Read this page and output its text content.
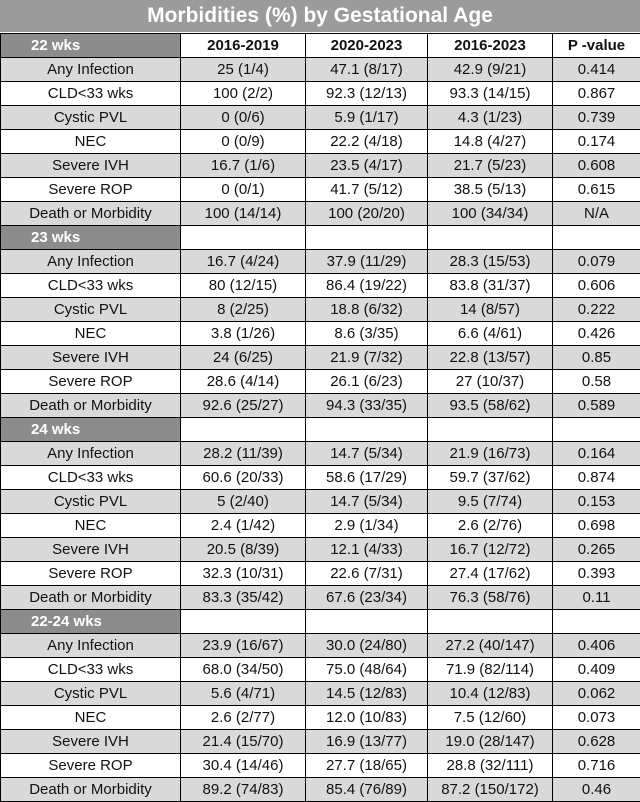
Morbidities (%) by Gestational Age
22 wks	2016-2019	2020-2023	2016-2023	P -value
Any Infection	25 (1/4)	47.1 (8/17)	42.9 (9/21)	0.414
CLD<33 wks	100 (2/2)	92.3 (12/13)	93.3 (14/15)	0.867
Cystic PVL	0 (0/6)	5.9 (1/17)	4.3 (1/23)	0.739
NEC	0 (0/9)	22.2 (4/18)	14.8 (4/27)	0.174
Severe IVH	16.7 (1/6)	23.5 (4/17)	21.7 (5/23)	0.608
Severe ROP	0 (0/1)	41.7 (5/12)	38.5 (5/13)	0.615
Death or Morbidity	100 (14/14)	100 (20/20)	100 (34/34)	N/A
23 wks				
Any Infection	16.7 (4/24)	37.9 (11/29)	28.3 (15/53)	0.079
CLD<33 wks	80 (12/15)	86.4 (19/22)	83.8 (31/37)	0.606
Cystic PVL	8 (2/25)	18.8 (6/32)	14 (8/57)	0.222
NEC	3.8 (1/26)	8.6 (3/35)	6.6 (4/61)	0.426
Severe IVH	24 (6/25)	21.9 (7/32)	22.8 (13/57)	0.85
Severe ROP	28.6 (4/14)	26.1 (6/23)	27 (10/37)	0.58
Death or Morbidity	92.6 (25/27)	94.3 (33/35)	93.5 (58/62)	0.589
24 wks				
Any Infection	28.2 (11/39)	14.7 (5/34)	21.9 (16/73)	0.164
CLD<33 wks	60.6 (20/33)	58.6 (17/29)	59.7 (37/62)	0.874
Cystic PVL	5 (2/40)	14.7 (5/34)	9.5 (7/74)	0.153
NEC	2.4 (1/42)	2.9 (1/34)	2.6 (2/76)	0.698
Severe IVH	20.5 (8/39)	12.1 (4/33)	16.7 (12/72)	0.265
Severe ROP	32.3 (10/31)	22.6 (7/31)	27.4 (17/62)	0.393
Death or Morbidity	83.3 (35/42)	67.6 (23/34)	76.3 (58/76)	0.11
22-24 wks				
Any Infection	23.9 (16/67)	30.0 (24/80)	27.2 (40/147)	0.406
CLD<33 wks	68.0 (34/50)	75.0 (48/64)	71.9 (82/114)	0.409
Cystic PVL	5.6 (4/71)	14.5 (12/83)	10.4 (12/83)	0.062
NEC	2.6 (2/77)	12.0 (10/83)	7.5 (12/60)	0.073
Severe IVH	21.4 (15/70)	16.9 (13/77)	19.0 (28/147)	0.628
Severe ROP	30.4 (14/46)	27.7 (18/65)	28.8 (32/111)	0.716
Death or Morbidity	89.2 (74/83)	85.4 (76/89)	87.2 (150/172)	0.46
